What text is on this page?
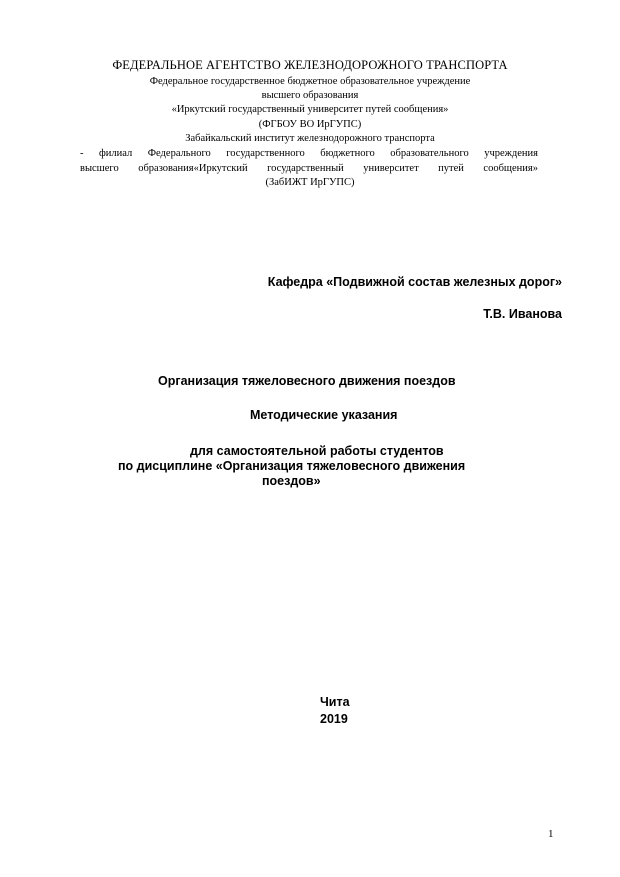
ФЕДЕРАЛЬНОЕ АГЕНТСТВО ЖЕЛЕЗНОДОРОЖНОГО ТРАНСПОРТА
Федеральное государственное бюджетное образовательное учреждение
высшего образования
«Иркутский государственный университет путей сообщения»
(ФГБОУ ВО ИрГУПС)
Забайкальский институт железнодорожного транспорта
- филиал Федерального государственного бюджетного образовательного учреждения
высшего образования«Иркутский государственный университет путей сообщения»
(ЗабИЖТ ИрГУПС)
Кафедра «Подвижной состав железных дорог»
Т.В. Иванова
Организация тяжеловесного движения поездов
Методические указания
для самостоятельной работы студентов
по дисциплине «Организация тяжеловесного движения
поездов»
Чита
2019
1
